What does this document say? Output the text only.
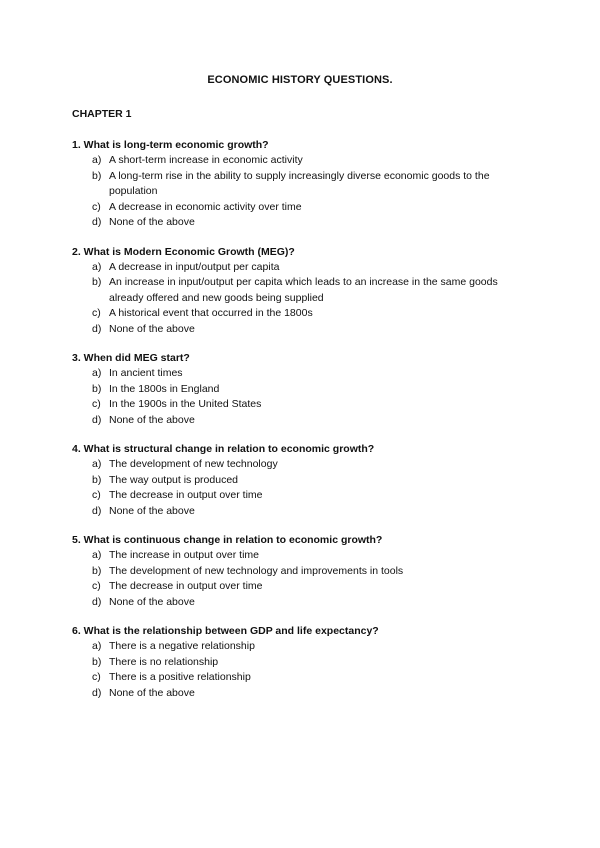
ECONOMIC HISTORY QUESTIONS.
CHAPTER 1

1. What is long-term economic growth?

a) A short-term increase in economic activity
b) A long-term rise in the ability to supply increasingly diverse economic goods to the population
c) A decrease in economic activity over time
d) None of the above

2. What is Modern Economic Growth (MEG)?

a) A decrease in input/output per capita
b) An increase in input/output per capita which leads to an increase in the same goods already offered and new goods being supplied
c) A historical event that occurred in the 1800s
d) None of the above

3. When did MEG start?

a) In ancient times
b) In the 1800s in England
c) In the 1900s in the United States
d) None of the above

4. What is structural change in relation to economic growth?

a) The development of new technology
b) The way output is produced
c) The decrease in output over time
d) None of the above

5. What is continuous change in relation to economic growth?

a) The increase in output over time
b) The development of new technology and improvements in tools
c) The decrease in output over time
d) None of the above

6. What is the relationship between GDP and life expectancy?

a) There is a negative relationship
b) There is no relationship
c) There is a positive relationship
d) None of the above
